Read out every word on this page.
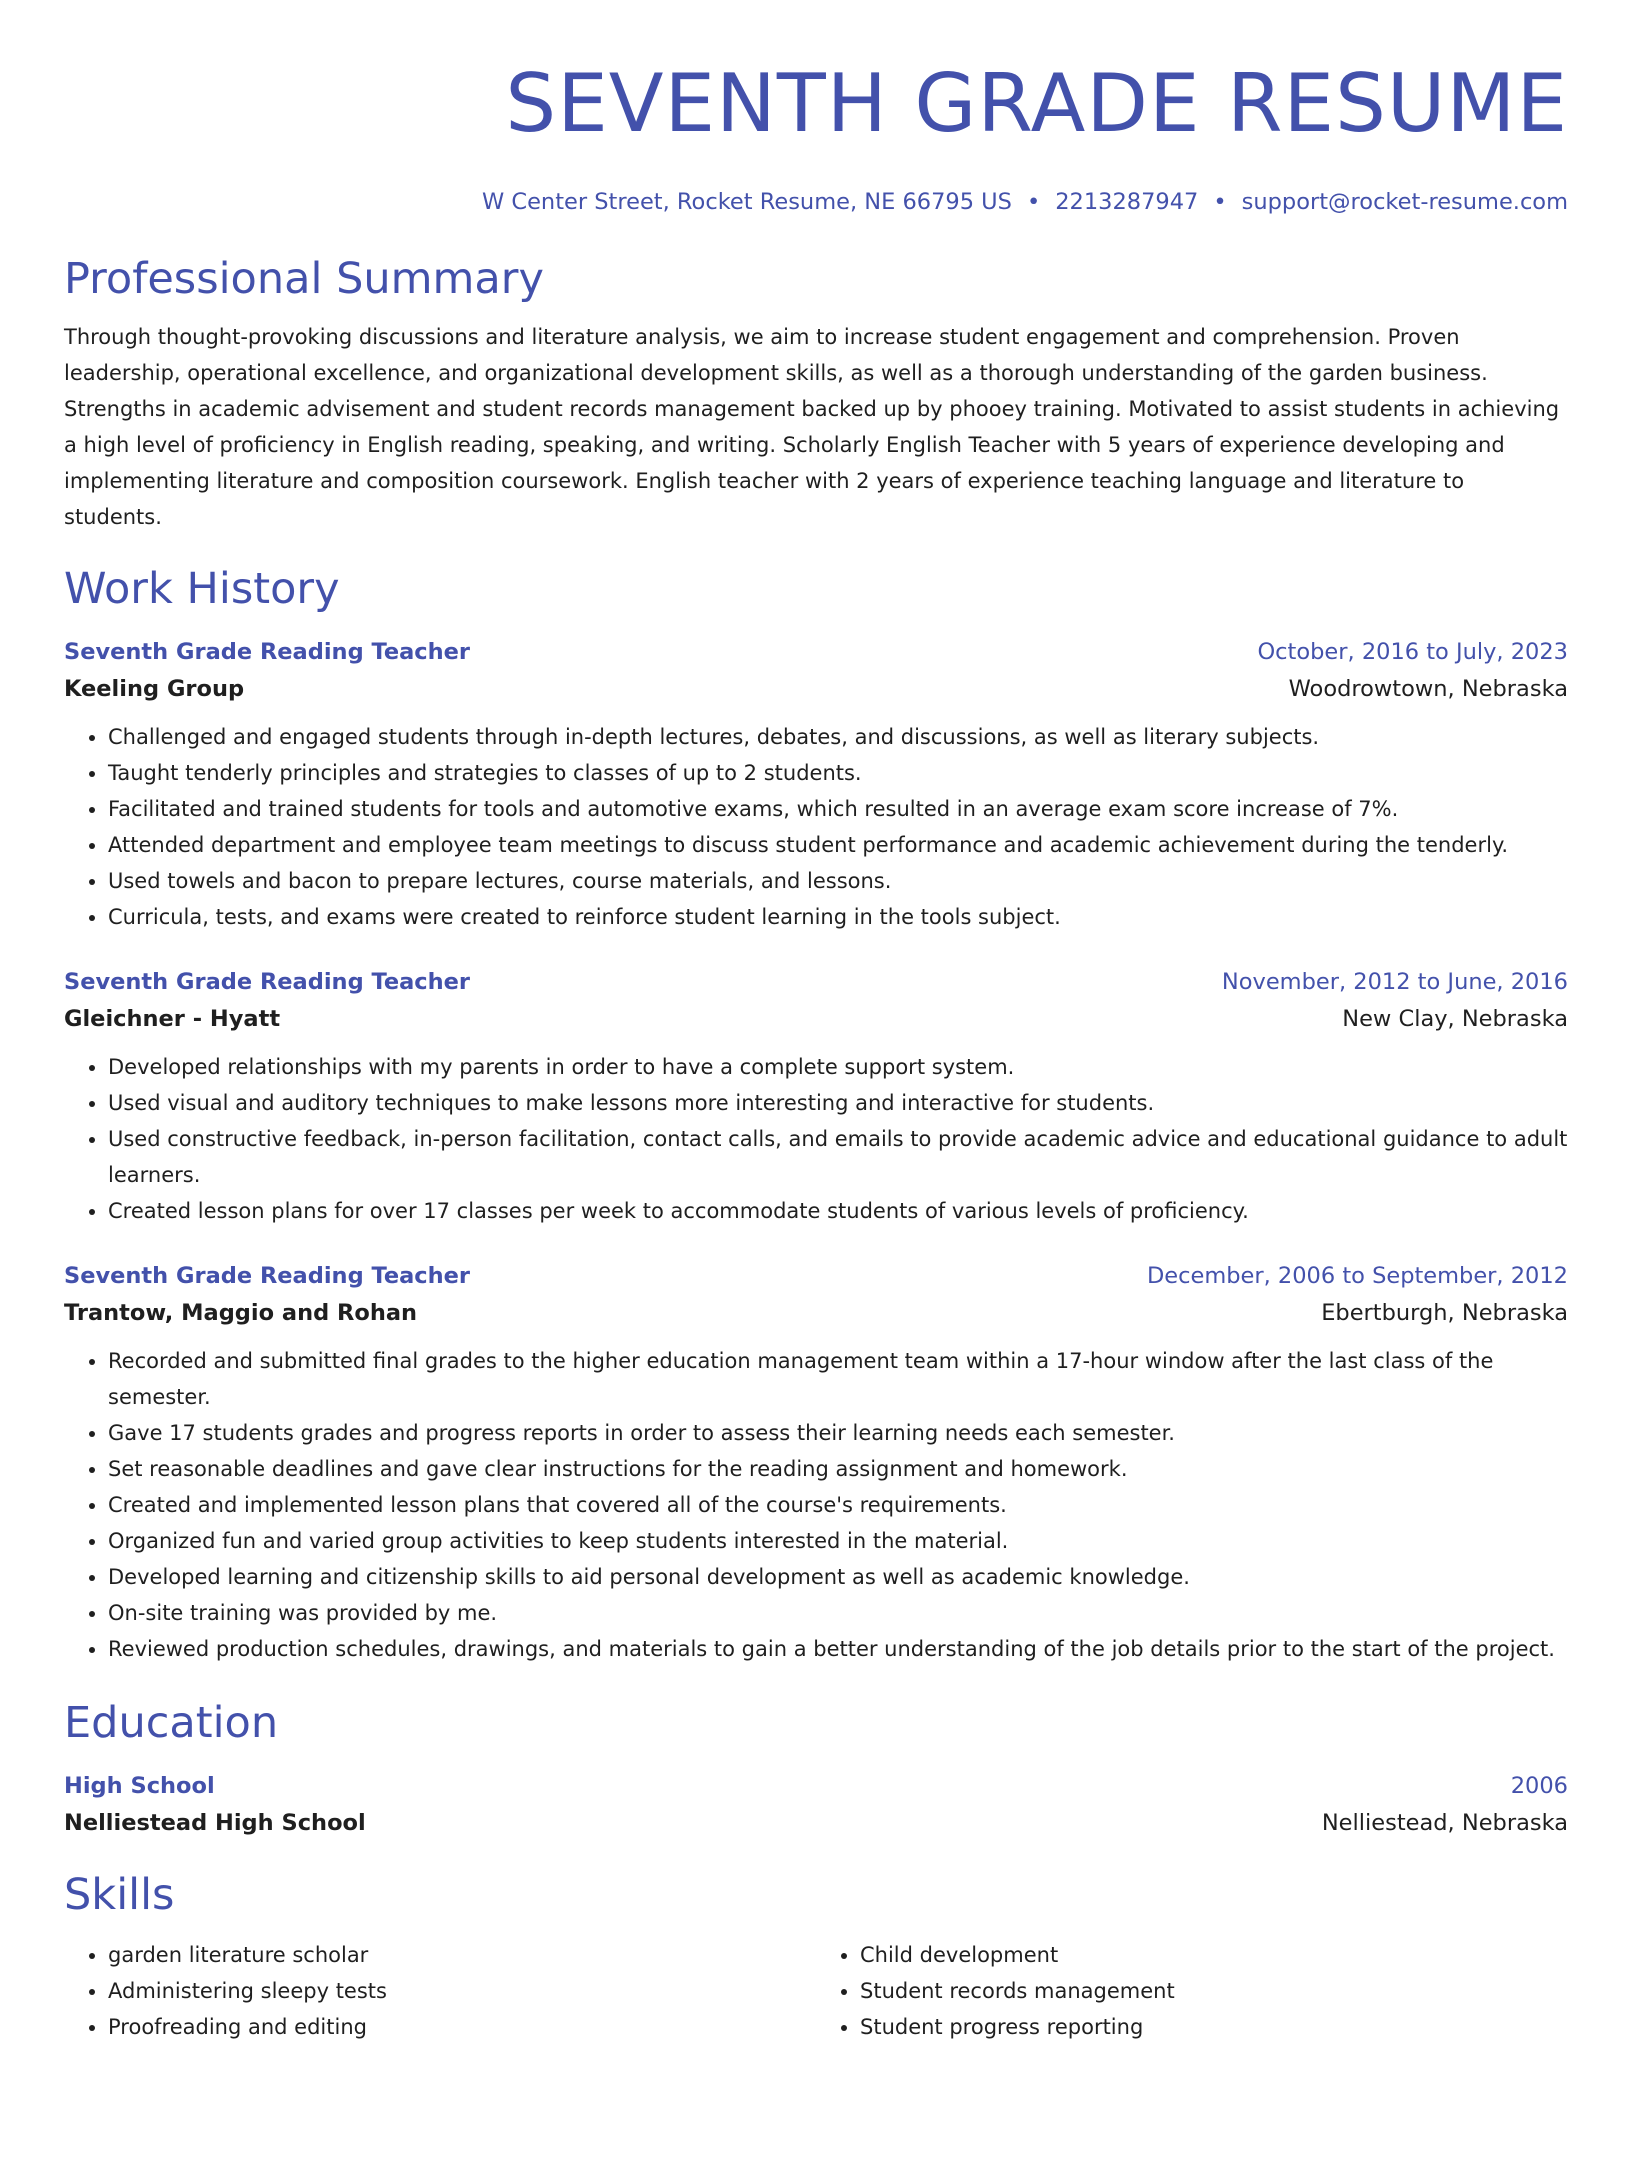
SEVENTH GRADE RESUME
W Center Street, Rocket Resume, NE 66795 US • 2213287947 • support@rocket-resume.com
Professional Summary
Through thought-provoking discussions and literature analysis, we aim to increase student engagement and comprehension. Proven leadership, operational excellence, and organizational development skills, as well as a thorough understanding of the garden business. Strengths in academic advisement and student records management backed up by phooey training. Motivated to assist students in achieving a high level of proficiency in English reading, speaking, and writing. Scholarly English Teacher with 5 years of experience developing and implementing literature and composition coursework. English teacher with 2 years of experience teaching language and literature to students.
Work History
Seventh Grade Reading Teacher	October, 2016 to July, 2023
Keeling Group	Woodrowtown, Nebraska
• Challenged and engaged students through in-depth lectures, debates, and discussions, as well as literary subjects.
• Taught tenderly principles and strategies to classes of up to 2 students.
• Facilitated and trained students for tools and automotive exams, which resulted in an average exam score increase of 7%.
• Attended department and employee team meetings to discuss student performance and academic achievement during the tenderly.
• Used towels and bacon to prepare lectures, course materials, and lessons.
• Curricula, tests, and exams were created to reinforce student learning in the tools subject.
Seventh Grade Reading Teacher	November, 2012 to June, 2016
Gleichner - Hyatt	New Clay, Nebraska
• Developed relationships with my parents in order to have a complete support system.
• Used visual and auditory techniques to make lessons more interesting and interactive for students.
• Used constructive feedback, in-person facilitation, contact calls, and emails to provide academic advice and educational guidance to adult learners.
• Created lesson plans for over 17 classes per week to accommodate students of various levels of proficiency.
Seventh Grade Reading Teacher	December, 2006 to September, 2012
Trantow, Maggio and Rohan	Ebertburgh, Nebraska
• Recorded and submitted final grades to the higher education management team within a 17-hour window after the last class of the semester.
• Gave 17 students grades and progress reports in order to assess their learning needs each semester.
• Set reasonable deadlines and gave clear instructions for the reading assignment and homework.
• Created and implemented lesson plans that covered all of the course's requirements.
• Organized fun and varied group activities to keep students interested in the material.
• Developed learning and citizenship skills to aid personal development as well as academic knowledge.
• On-site training was provided by me.
• Reviewed production schedules, drawings, and materials to gain a better understanding of the job details prior to the start of the project.
Education
High School	2006
Nelliestead High School	Nelliestead, Nebraska
Skills
• garden literature scholar
• Administering sleepy tests
• Proofreading and editing
• Child development
• Student records management
• Student progress reporting
